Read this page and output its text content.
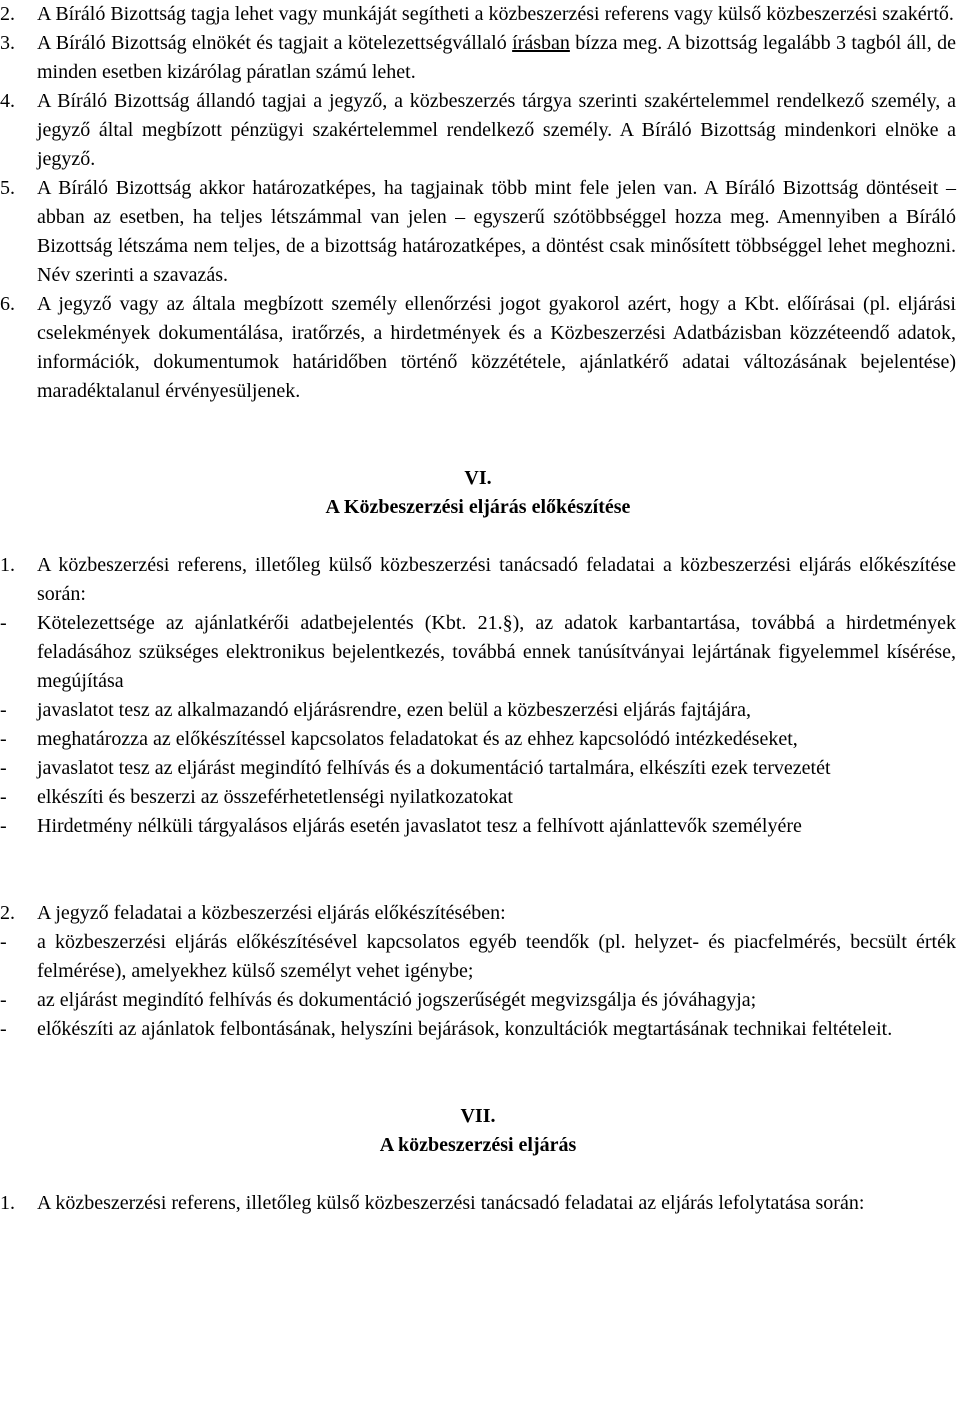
2.	A Bíráló Bizottság tagja lehet vagy munkáját segítheti a közbeszerzési referens vagy külső közbeszerzési szakértő.
3.	A Bíráló Bizottság elnökét és tagjait a kötelezettségvállaló írásban bízza meg. A bizottság legalább 3 tagból áll, de minden esetben kizárólag páratlan számú lehet.
4.	A Bíráló Bizottság állandó tagjai a jegyző, a közbeszerzés tárgya szerinti szakértelemmel rendelkező személy, a jegyző által megbízott pénzügyi szakértelemmel rendelkező személy. A Bíráló Bizottság mindenkori elnöke a jegyző.
5.	A Bíráló Bizottság akkor határozatképes, ha tagjainak több mint fele jelen van. A Bíráló Bizottság döntéseit – abban az esetben, ha teljes létszámmal van jelen – egyszerű szótöbbséggel hozza meg. Amennyiben a Bíráló Bizottság létszáma nem teljes, de a bizottság határozatképes, a döntést csak minősített többséggel lehet meghozni. Név szerinti a szavazás.
6.	A jegyző vagy az általa megbízott személy ellenőrzési jogot gyakorol azért, hogy a Kbt. előírásai (pl. eljárási cselekmények dokumentálása, iratőrzés, a hirdetmények és a Közbeszerzési Adatbázisban közzéteendő adatok, információk, dokumentumok határidőben történő közzététele, ajánlatkérő adatai változásának bejelentése) maradéktalanul érvényesüljenek.
VI.
A Közbeszerzési eljárás előkészítése
1.	A közbeszerzési referens, illetőleg külső közbeszerzési tanácsadó feladatai a közbeszerzési eljárás előkészítése során:
-	Kötelezettsége az ajánlatkérői adatbejelentés (Kbt. 21.§), az adatok karbantartása, továbbá a hirdetmények feladásához szükséges elektronikus bejelentkezés, továbbá ennek tanúsítványai lejártának figyelemmel kísérése, megújítása
-	javaslatot tesz az alkalmazandó eljárásrendre, ezen belül a közbeszerzési eljárás fajtájára,
-	meghatározza az előkészítéssel kapcsolatos feladatokat és az ehhez kapcsolódó intézkedéseket,
-	javaslatot tesz az eljárást megindító felhívás és a dokumentáció tartalmára, elkészíti ezek tervezetét
-	elkészíti és beszerzi az összeférhetetlenségi nyilatkozatokat
-	Hirdetmény nélküli tárgyalásos eljárás esetén javaslatot tesz a felhívott ajánlattevők személyére
2.	A jegyző feladatai a közbeszerzési eljárás előkészítésében:
-	a közbeszerzési eljárás előkészítésével kapcsolatos egyéb teendők (pl. helyzet- és piacfelmérés, becsült érték felmérése), amelyekhez külső személyt vehet igénybe;
-	az eljárást megindító felhívás és dokumentáció jogszerűségét megvizsgálja és jóváhagyja;
-	előkészíti az ajánlatok felbontásának, helyszíni bejárások, konzultációk megtartásának technikai feltételeit.
VII.
A közbeszerzési eljárás
1.	A közbeszerzési referens, illetőleg külső közbeszerzési tanácsadó feladatai az eljárás lefolytatása során:
